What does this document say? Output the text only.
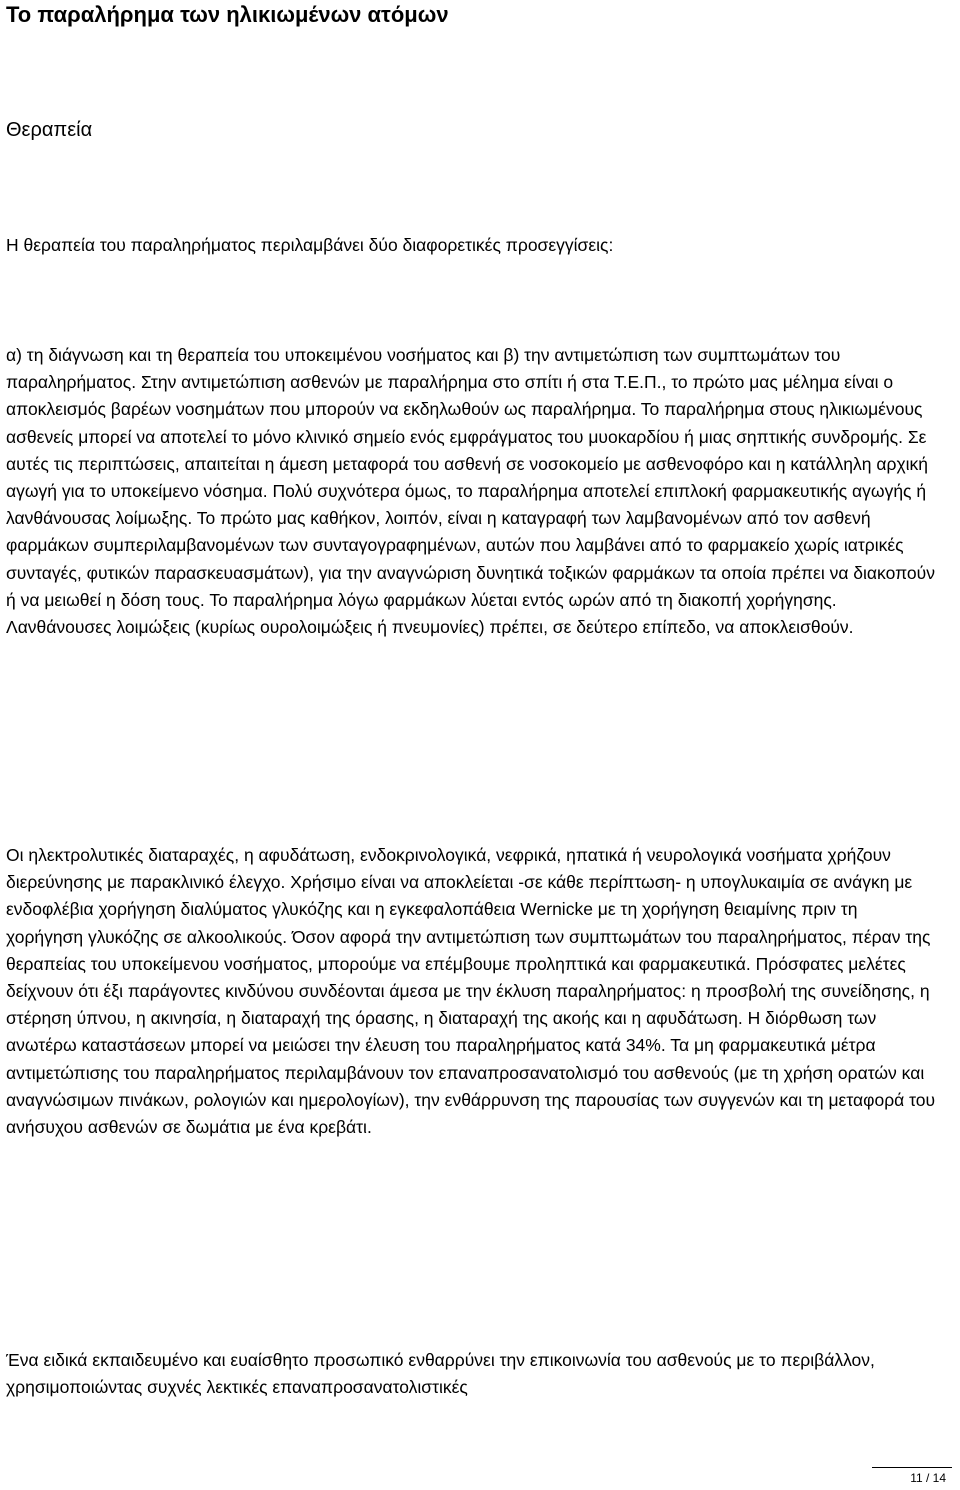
Το παραλήρημα των ηλικιωμένων ατόμων
Θεραπεία

Η θεραπεία του παραληρήματος περιλαμβάνει δύο διαφορετικές προσεγγίσεις:

α) τη διάγνωση και τη θεραπεία του υποκειμένου νοσήματος και β) την αντιμετώπιση των συμπτωμάτων του παραληρήματος. Στην αντιμετώπιση ασθενών με παραλήρημα στο σπίτι ή στα Τ.Ε.Π., το πρώτο μας μέλημα είναι ο αποκλεισμός βαρέων νοσημάτων που μπορούν να εκδηλωθούν ως παραλήρημα. Το παραλήρημα στους ηλικιωμένους ασθενείς μπορεί να αποτελεί το μόνο κλινικό σημείο ενός εμφράγματος του μυοκαρδίου ή μιας σηπτικής συνδρομής. Σε αυτές τις περιπτώσεις, απαιτείται η άμεση μεταφορά του ασθενή σε νοσοκομείο με ασθενοφόρο και η κατάλληλη αρχική αγωγή για το υποκείμενο νόσημα. Πολύ συχνότερα όμως, το παραλήρημα αποτελεί επιπλοκή φαρμακευτικής αγωγής ή λανθάνουσας λοίμωξης. Το πρώτο μας καθήκον, λοιπόν, είναι η καταγραφή των λαμβανομένων από τον ασθενή φαρμάκων συμπεριλαμβανομένων των συνταγογραφημένων, αυτών που λαμβάνει από το φαρμακείο χωρίς ιατρικές συνταγές, φυτικών παρασκευασμάτων), για την αναγνώριση δυνητικά τοξικών φαρμάκων τα οποία πρέπει να διακοπούν ή να μειωθεί η δόση τους. Το παραλήρημα λόγω φαρμάκων λύεται εντός ωρών από τη διακοπή χορήγησης. Λανθάνουσες λοιμώξεις (κυρίως ουρολοιμώξεις ή πνευμονίες) πρέπει, σε δεύτερο επίπεδο, να αποκλεισθούν.

Οι ηλεκτρολυτικές διαταραχές, η αφυδάτωση, ενδοκρινολογικά, νεφρικά, ηπατικά ή νευρολογικά νοσήματα χρήζουν διερεύνησης με παρακλινικό έλεγχο. Χρήσιμο είναι να αποκλείεται -σε κάθε περίπτωση- η υπογλυκαιμία σε ανάγκη με ενδοφλέβια χορήγηση διαλύματος γλυκόζης και η εγκεφαλοπάθεια Wernicke με τη χορήγηση θειαμίνης πριν τη χορήγηση γλυκόζης σε αλκοολικούς. Όσον αφορά την αντιμετώπιση των συμπτωμάτων του παραληρήματος, πέραν της θεραπείας του υποκείμενου νοσήματος, μπορούμε να επέμβουμε προληπτικά και φαρμακευτικά. Πρόσφατες μελέτες δείχνουν ότι έξι παράγοντες κινδύνου συνδέονται άμεσα με την έκλυση παραληρήματος: η προσβολή της συνείδησης, η στέρηση ύπνου, η ακινησία, η διαταραχή της όρασης, η διαταραχή της ακοής και η αφυδάτωση. Η διόρθωση των ανωτέρω καταστάσεων μπορεί να μειώσει την έλευση του παραληρήματος κατά 34%. Τα μη φαρμακευτικά μέτρα αντιμετώπισης του παραληρήματος περιλαμβάνουν τον επαναπροσανατολισμό του ασθενούς (με τη χρήση ορατών και αναγνώσιμων πινάκων, ρολογιών και ημερολογίων), την ενθάρρυνση της παρουσίας των συγγενών και τη μεταφορά του ανήσυχου ασθενών σε δωμάτια με ένα κρεβάτι.

Ένα ειδικά εκπαιδευμένο και ευαίσθητο προσωπικό ενθαρρύνει την επικοινωνία του ασθενούς με το περιβάλλον, χρησιμοποιώντας συχνές λεκτικές επαναπροσανατολιστικές

11 / 14
